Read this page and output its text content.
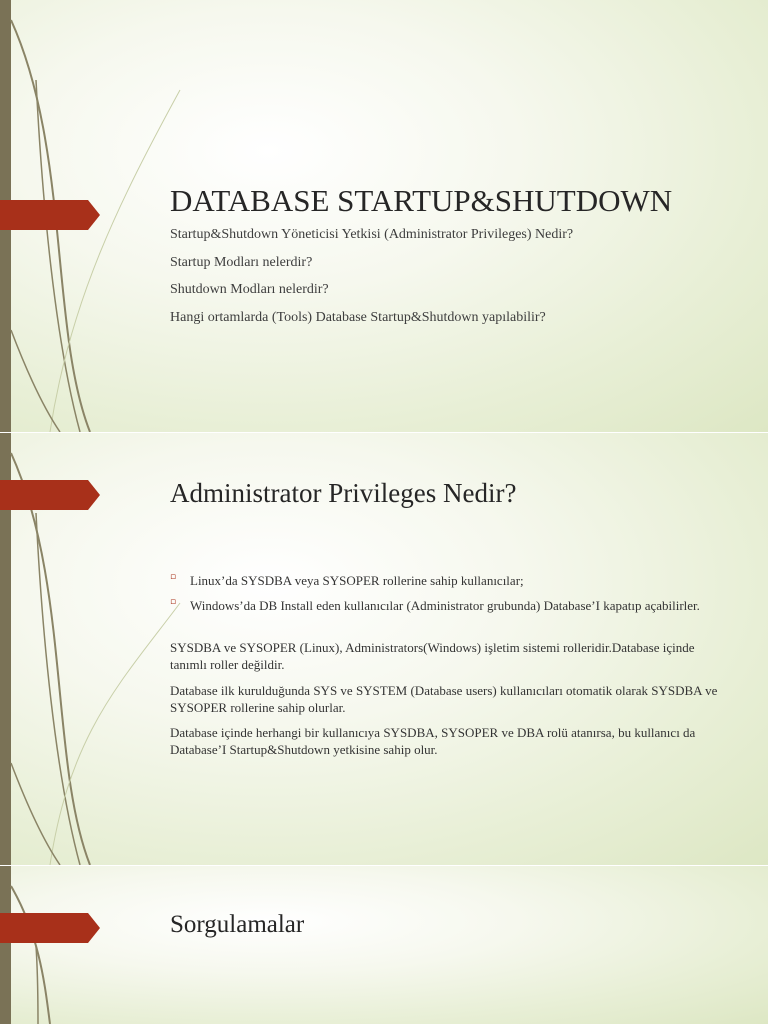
DATABASE STARTUP&SHUTDOWN
Startup&Shutdown Yöneticisi Yetkisi (Administrator Privileges) Nedir?
Startup Modları nelerdir?
Shutdown Modları nelerdir?
Hangi ortamlarda (Tools) Database Startup&Shutdown yapılabilir?
Administrator Privileges Nedir?
▫ Linux’da SYSDBA veya SYSOPER rollerine sahip kullanıcılar;
▫ Windows’da DB Install eden kullanıcılar (Administrator grubunda) Database’I kapatıp açabilirler.
SYSDBA ve SYSOPER (Linux), Administrators(Windows) işletim sistemi rolleridir.Database içinde tanımlı roller değildir.
Database ilk kurulduğunda SYS ve SYSTEM (Database users) kullanıcıları otomatik olarak SYSDBA ve SYSOPER rollerine sahip olurlar.
Database içinde herhangi bir kullanıcıya SYSDBA, SYSOPER ve DBA rolü atanırsa, bu kullanıcı da Database’I Startup&Shutdown yetkisine sahip olur.
Sorgulamalar
